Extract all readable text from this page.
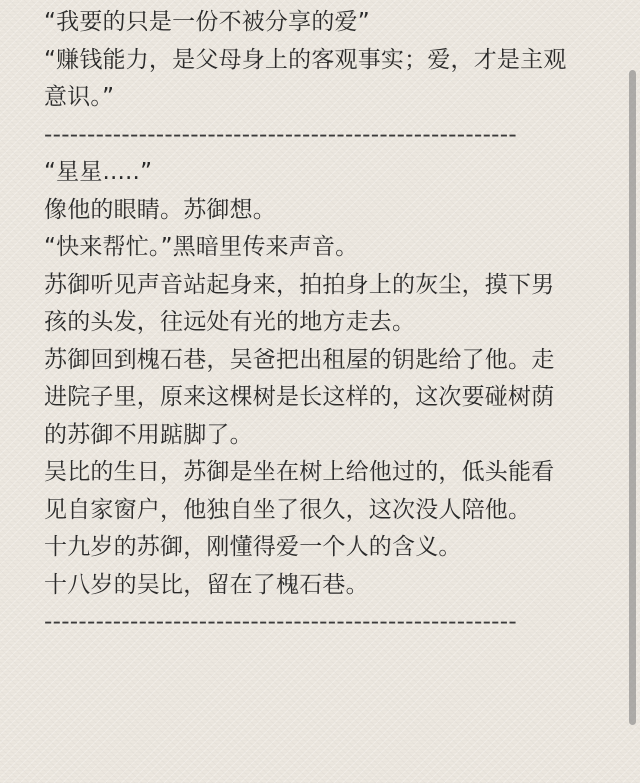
“我要的只是一份不被分享的爱”
“赚钱能力，是父母身上的客观事实；爱，才是主观
意识。”
-------------------------------------------------------
“星星.....”
像他的眼睛。苏御想。
“快来帮忙。”黑暗里传来声音。
苏御听见声音站起身来，拍拍身上的灰尘，摸下男
孩的头发，往远处有光的地方走去。
苏御回到槐石巷，吴爸把出租屋的钥匙给了他。走
进院子里，原来这棵树是长这样的，这次要碰树荫
的苏御不用踮脚了。
吴比的生日，苏御是坐在树上给他过的，低头能看
见自家窗户，他独自坐了很久，这次没人陪他。
十九岁的苏御，刚懂得爱一个人的含义。
十八岁的吴比，留在了槐石巷。
-------------------------------------------------------
